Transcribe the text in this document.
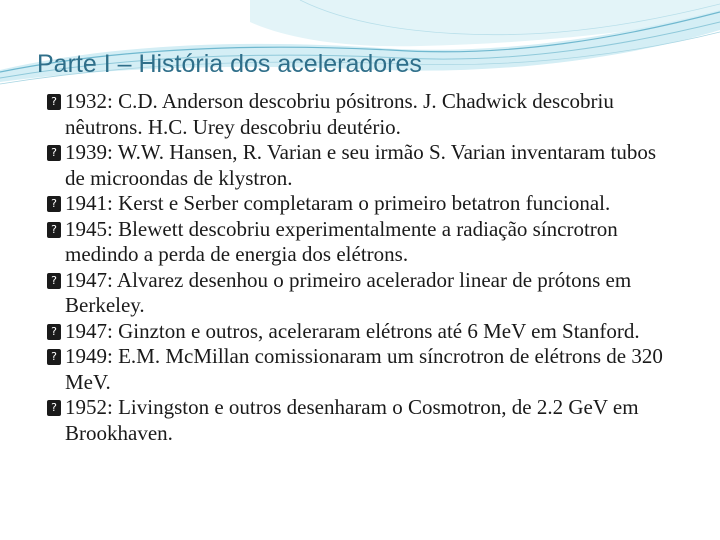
Parte I – História dos aceleradores
? 1932: C.D. Anderson descobriu pósitrons. J. Chadwick descobriu nêutrons. H.C. Urey descobriu deutério.
? 1939: W.W. Hansen, R. Varian e seu irmão S. Varian inventaram tubos de microondas de klystron.
? 1941: Kerst e Serber completaram o primeiro betatron funcional.
? 1945: Blewett descobriu experimentalmente a radiação síncrotron medindo a perda de energia dos elétrons.
? 1947: Alvarez desenhou o primeiro acelerador linear de prótons em Berkeley.
? 1947: Ginzton e outros, aceleraram elétrons até 6 MeV em Stanford.
? 1949: E.M. McMillan comissionaram um síncrotron de elétrons de 320 MeV.
? 1952: Livingston e outros desenharam o Cosmotron, de 2.2 GeV em Brookhaven.
